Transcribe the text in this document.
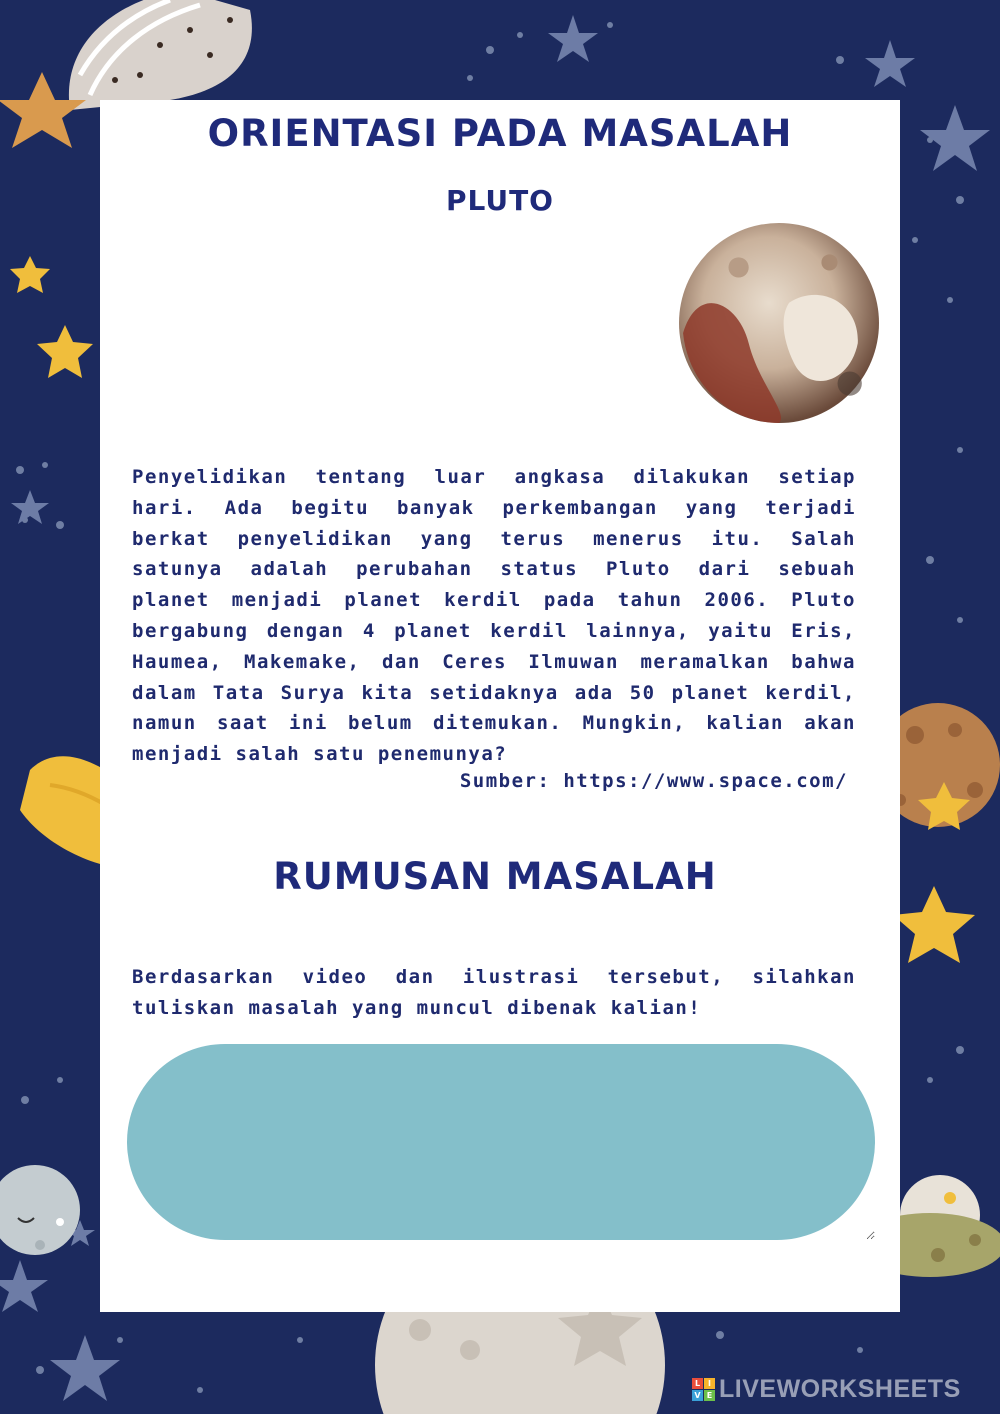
ORIENTASI PADA MASALAH
PLUTO

Penyelidikan tentang luar angkasa dilakukan setiap hari. Ada begitu banyak perkembangan yang terjadi berkat penyelidikan yang terus menerus itu. Salah satunya adalah perubahan status Pluto dari sebuah planet menjadi planet kerdil pada tahun 2006. Pluto bergabung dengan 4 planet kerdil lainnya, yaitu Eris, Haumea, Makemake, dan Ceres Ilmuwan meramalkan bahwa dalam Tata Surya kita setidaknya ada 50 planet kerdil, namun saat ini belum ditemukan. Mungkin, kalian akan menjadi salah satu penemunya?

Sumber: https://www.space.com/

RUMUSAN MASALAH

Berdasarkan video dan ilustrasi tersebut, silahkan tuliskan masalah yang muncul dibenak kalian!

L I
V E LIVEWORKSHEETS
